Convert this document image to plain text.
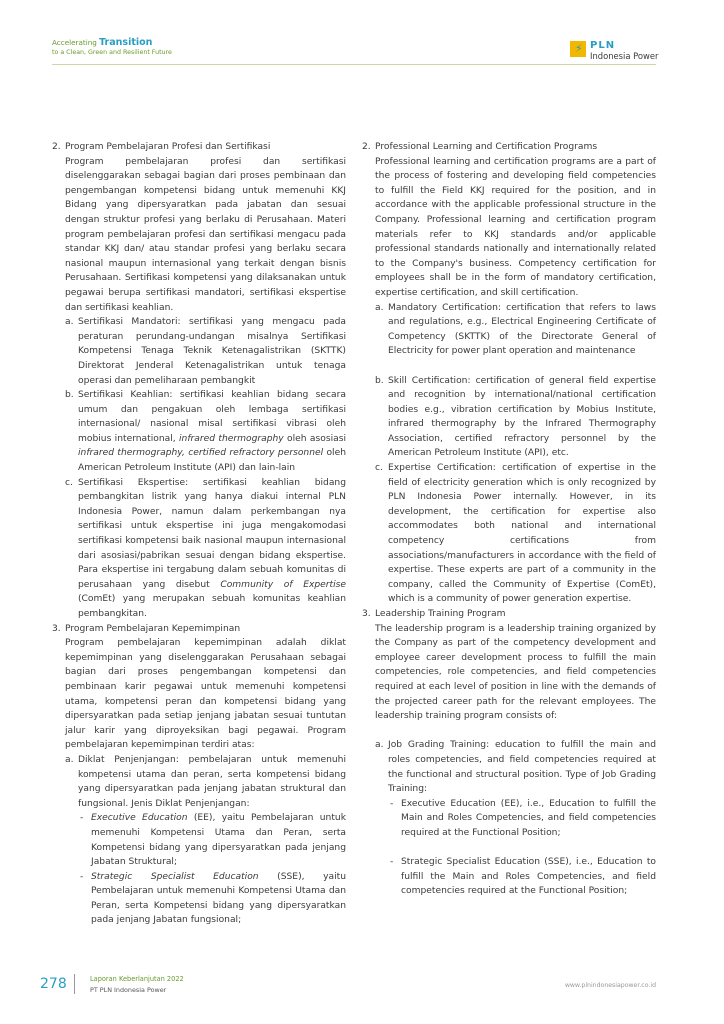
Accelerating Transition
to a Clean, Green and Resilient Future	⚡ PLN
Indonesia Power
2. Program Pembelajaran Profesi dan Sertifikasi

Program pembelajaran profesi dan sertifikasi diselenggarakan sebagai bagian dari proses pembinaan dan pengembangan kompetensi bidang untuk memenuhi KKJ Bidang yang dipersyaratkan pada jabatan dan sesuai dengan struktur profesi yang berlaku di Perusahaan. Materi program pembelajaran profesi dan sertifikasi mengacu pada standar KKJ dan/ atau standar profesi yang berlaku secara nasional maupun internasional yang terkait dengan bisnis Perusahaan. Sertifikasi kompetensi yang dilaksanakan untuk pegawai berupa sertifikasi mandatori, sertifikasi ekspertise dan sertifikasi keahlian.

a. Sertifikasi Mandatori: sertifikasi yang mengacu pada peraturan perundang-undangan misalnya Sertifikasi Kompetensi Tenaga Teknik Ketenagalistrikan (SKTTK) Direktorat Jenderal Ketenagalistrikan untuk tenaga operasi dan pemeliharaan pembangkit
b. Sertifikasi Keahlian: sertifikasi keahlian bidang secara umum dan pengakuan oleh lembaga sertifikasi internasional/ nasional misal sertifikasi vibrasi oleh mobius international, infrared thermography oleh asosiasi infrared thermography, certified refractory personnel oleh American Petroleum Institute (API) dan lain-lain
c. Sertifikasi Ekspertise: sertifikasi keahlian bidang pembangkitan listrik yang hanya diakui internal PLN Indonesia Power, namun dalam perkembangan nya sertifikasi untuk ekspertise ini juga mengakomodasi sertifikasi kompetensi baik nasional maupun internasional dari asosiasi/pabrikan sesuai dengan bidang ekspertise. Para ekspertise ini tergabung dalam sebuah komunitas di perusahaan yang disebut Community of Expertise (ComEt) yang merupakan sebuah komunitas keahlian pembangkitan.
3. Program Pembelajaran Kepemimpinan

Program pembelajaran kepemimpinan adalah diklat kepemimpinan yang diselenggarakan Perusahaan sebagai bagian dari proses pengembangan kompetensi dan pembinaan karir pegawai untuk memenuhi kompetensi utama, kompetensi peran dan kompetensi bidang yang dipersyaratkan pada setiap jenjang jabatan sesuai tuntutan jalur karir yang diproyeksikan bagi pegawai. Program pembelajaran kepemimpinan terdiri atas:

a. Diklat Penjenjangan: pembelajaran untuk memenuhi kompetensi utama dan peran, serta kompetensi bidang yang dipersyaratkan pada jenjang jabatan struktural dan fungsional. Jenis Diklat Penjenjangan:
- Executive Education (EE), yaitu Pembelajaran untuk memenuhi Kompetensi Utama dan Peran, serta Kompetensi bidang yang dipersyaratkan pada jenjang Jabatan Struktural;
- Strategic Specialist Education (SSE), yaitu Pembelajaran untuk memenuhi Kompetensi Utama dan Peran, serta Kompetensi bidang yang dipersyaratkan pada jenjang Jabatan fungsional;
2. Professional Learning and Certification Programs

Professional learning and certification programs are a part of the process of fostering and developing field competencies to fulfill the Field KKJ required for the position, and in accordance with the applicable professional structure in the Company. Professional learning and certification program materials refer to KKJ standards and/or applicable professional standards nationally and internationally related to the Company's business. Competency certification for employees shall be in the form of mandatory certification, expertise certification, and skill certification.

a. Mandatory Certification: certification that refers to laws and regulations, e.g., Electrical Engineering Certificate of Competency (SKTTK) of the Directorate General of Electricity for power plant operation and maintenance
b. Skill Certification: certification of general field expertise and recognition by international/national certification bodies e.g., vibration certification by Mobius Institute, infrared thermography by the Infrared Thermography Association, certified refractory personnel by the American Petroleum Institute (API), etc.
c. Expertise Certification: certification of expertise in the field of electricity generation which is only recognized by PLN Indonesia Power internally. However, in its development, the certification for expertise also accommodates both national and international competency certifications from associations/manufacturers in accordance with the field of expertise. These experts are part of a community in the company, called the Community of Expertise (ComEt), which is a community of power generation expertise.
3. Leadership Training Program

The leadership program is a leadership training organized by the Company as part of the competency development and employee career development process to fulfill the main competencies, role competencies, and field competencies required at each level of position in line with the demands of the projected career path for the relevant employees. The leadership training program consists of:

a. Job Grading Training: education to fulfill the main and roles competencies, and field competencies required at the functional and structural position. Type of Job Grading Training:
- Executive Education (EE), i.e., Education to fulfill the Main and Roles Competencies, and field competencies required at the Functional Position;
- Strategic Specialist Education (SSE), i.e., Education to fulfill the Main and Roles Competencies, and field competencies required at the Functional Position;
278	Laporan Keberlanjutan 2022
PT PLN Indonesia Power
www.plnindonesiapower.co.id
